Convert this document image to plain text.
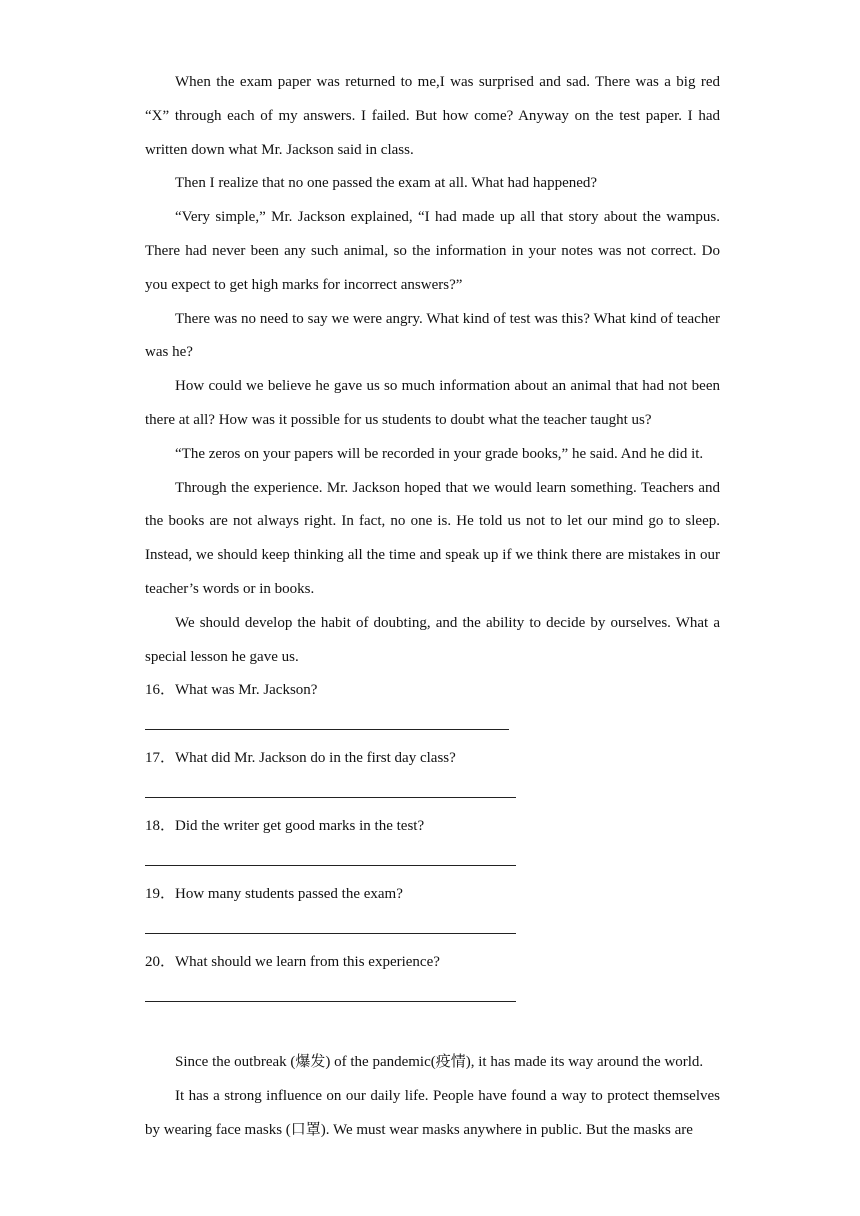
When the exam paper was returned to me,I was surprised and sad. There was a big red “X” through each of my answers. I failed. But how come? Anyway on the test paper. I had written down what Mr. Jackson said in class.

Then I realize that no one passed the exam at all. What had happened?

“Very simple,” Mr. Jackson explained, “I had made up all that story about the wampus. There had never been any such animal, so the information in your notes was not correct. Do you expect to get high marks for incorrect answers?”

There was no need to say we were angry. What kind of test was this? What kind of teacher was he?

How could we believe he gave us so much information about an animal that had not been there at all? How was it possible for us students to doubt what the teacher taught us?

“The zeros on your papers will be recorded in your grade books,” he said. And he did it.

Through the experience. Mr. Jackson hoped that we would learn something. Teachers and the books are not always right. In fact, no one is. He told us not to let our mind go to sleep. Instead, we should keep thinking all the time and speak up if we think there are mistakes in our teacher’s words or in books.

We should develop the habit of doubting, and the ability to decide by ourselves. What a special lesson he gave us.

16．What was Mr. Jackson?
17．What did Mr. Jackson do in the first day class?
18．Did the writer get good marks in the test?
19．How many students passed the exam?
20．What should we learn from this experience?

Since the outbreak (爆发) of the pandemic(疫情), it has made its way around the world.

It has a strong influence on our daily life. People have found a way to protect themselves by wearing face masks (口罩). We must wear masks anywhere in public. But the masks are
